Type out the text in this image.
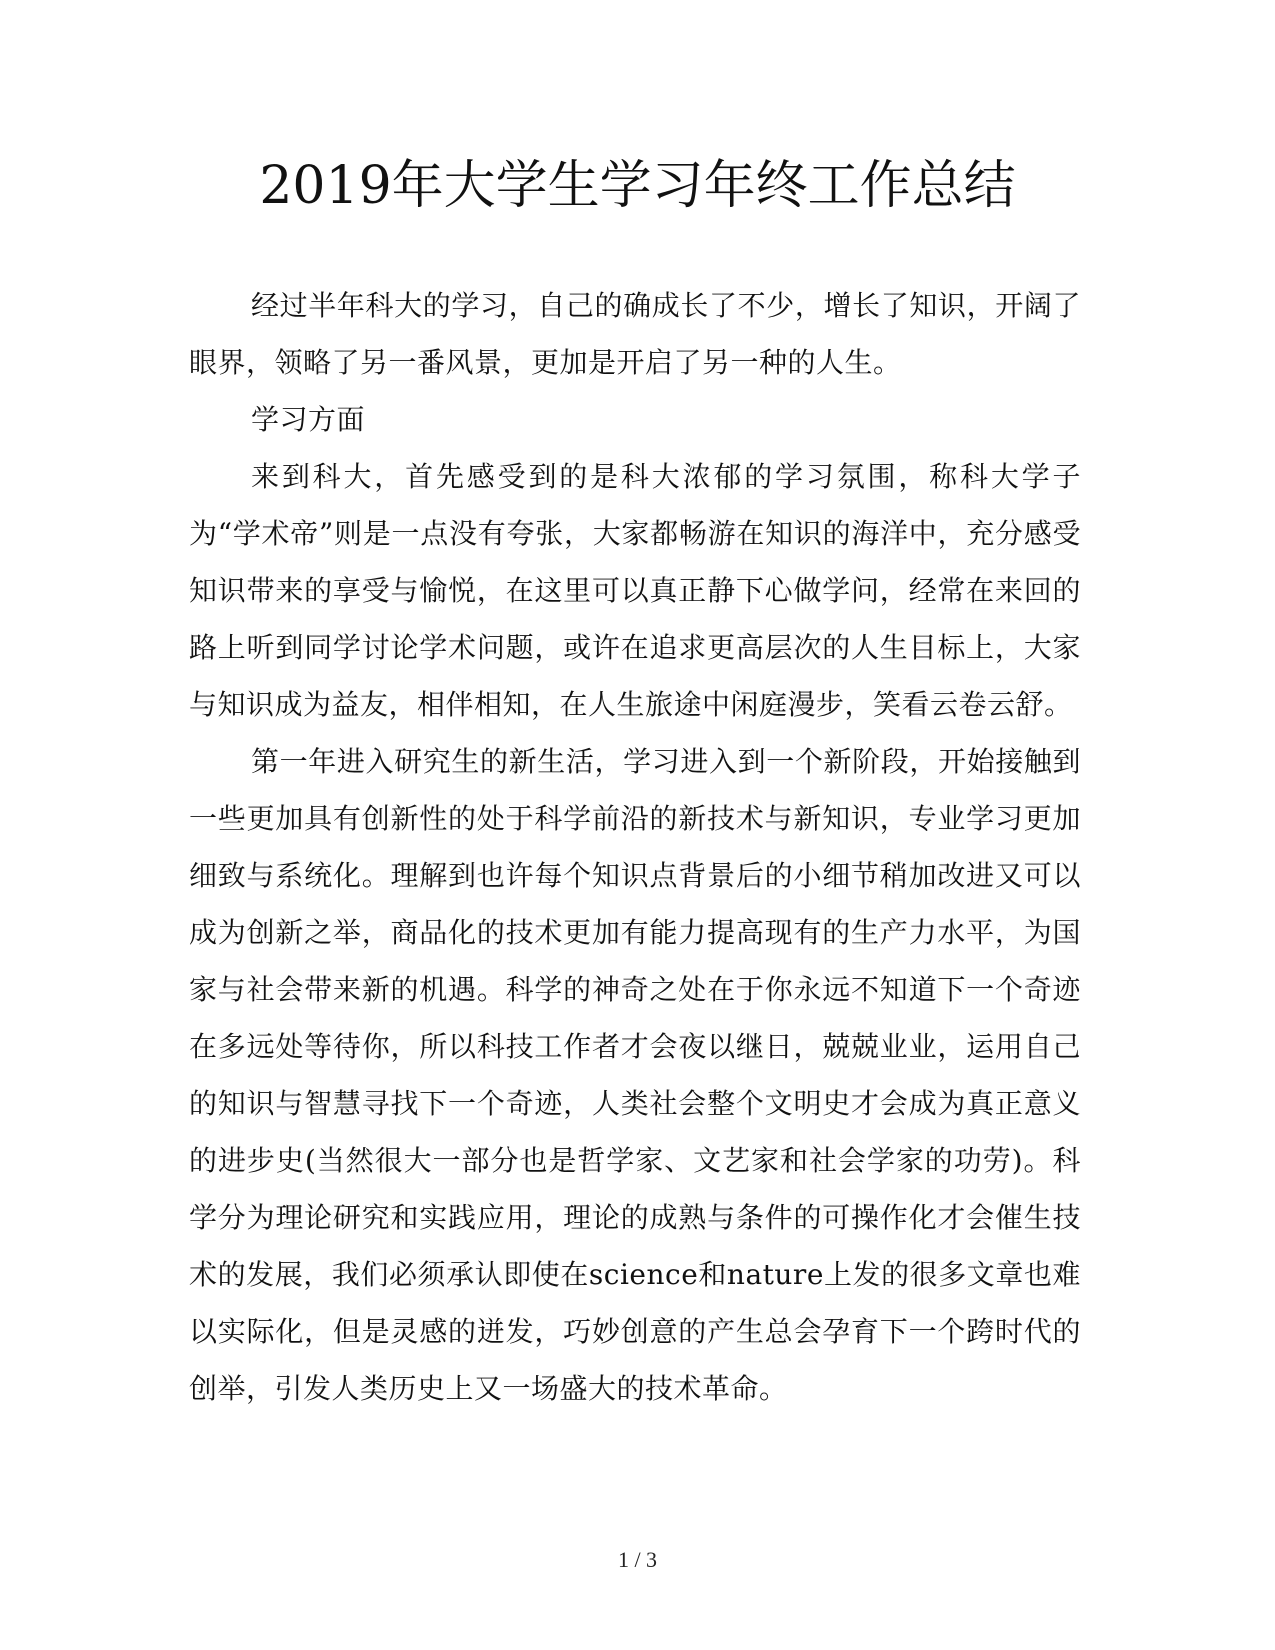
2019年大学生学习年终工作总结

经过半年科大的学习，自己的确成长了不少，增长了知识，开阔了眼界，领略了另一番风景，更加是开启了另一种的人生。

学习方面

来到科大，首先感受到的是科大浓郁的学习氛围，称科大学子为“学术帝”则是一点没有夸张，大家都畅游在知识的海洋中，充分感受知识带来的享受与愉悦，在这里可以真正静下心做学问，经常在来回的路上听到同学讨论学术问题，或许在追求更高层次的人生目标上，大家与知识成为益友，相伴相知，在人生旅途中闲庭漫步，笑看云卷云舒。

第一年进入研究生的新生活，学习进入到一个新阶段，开始接触到一些更加具有创新性的处于科学前沿的新技术与新知识，专业学习更加细致与系统化。理解到也许每个知识点背景后的小细节稍加改进又可以成为创新之举，商品化的技术更加有能力提高现有的生产力水平，为国家与社会带来新的机遇。科学的神奇之处在于你永远不知道下一个奇迹在多远处等待你，所以科技工作者才会夜以继日，兢兢业业，运用自己的知识与智慧寻找下一个奇迹，人类社会整个文明史才会成为真正意义的进步史(当然很大一部分也是哲学家、文艺家和社会学家的功劳)。科学分为理论研究和实践应用，理论的成熟与条件的可操作化才会催生技术的发展，我们必须承认即使在science和nature上发的很多文章也难以实际化，但是灵感的迸发，巧妙创意的产生总会孕育下一个跨时代的创举，引发人类历史上又一场盛大的技术革命。

1 / 3
